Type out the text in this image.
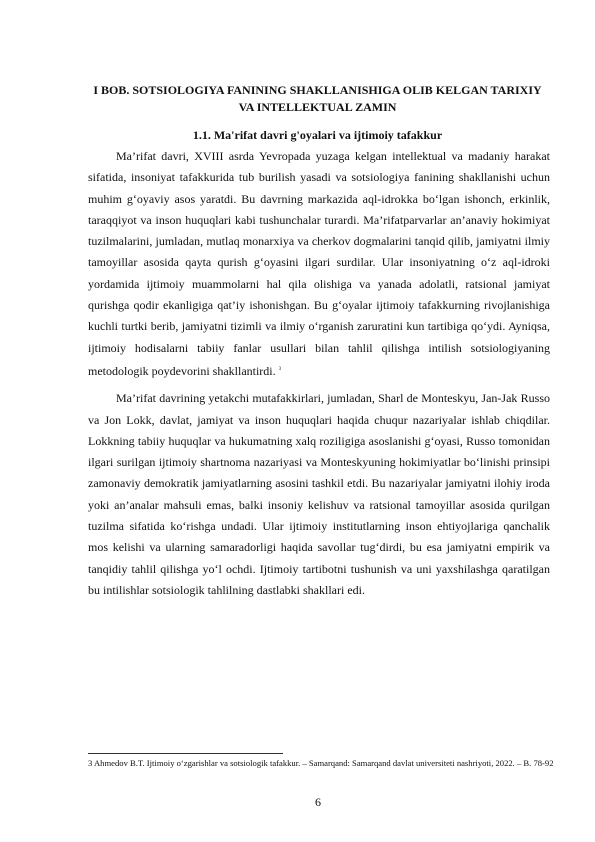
I BOB. SOTSIOLOGIYA FANINING SHAKLLANISHIGA OLIB KELGAN TARIXIY VA INTELLEKTUAL ZAMIN
1.1. Ma'rifat davri g'oyalari va ijtimoiy tafakkur

Ma’rifat davri, XVIII asrda Yevropada yuzaga kelgan intellektual va madaniy harakat sifatida, insoniyat tafakkurida tub burilish yasadi va sotsiologiya fanining shakllanishi uchun muhim g‘oyaviy asos yaratdi. Bu davrning markazida aql-idrokka bo‘lgan ishonch, erkinlik, taraqqiyot va inson huquqlari kabi tushunchalar turardi. Ma’rifatparvarlar an’anaviy hokimiyat tuzilmalarini, jumladan, mutlaq monarxiya va cherkov dogmalarini tanqid qilib, jamiyatni ilmiy tamoyillar asosida qayta qurish g‘oyasini ilgari surdilar. Ular insoniyatning o‘z aql-idroki yordamida ijtimoiy muammolarni hal qila olishiga va yanada adolatli, ratsional jamiyat qurishga qodir ekanligiga qat’iy ishonishgan. Bu g‘oyalar ijtimoiy tafakkurning rivojlanishiga kuchli turtki berib, jamiyatni tizimli va ilmiy o‘rganish zaruratini kun tartibiga qo‘ydi. Ayniqsa, ijtimoiy hodisalarni tabiiy fanlar usullari bilan tahlil qilishga intilish sotsiologiyaning metodologik poydevorini shakllantirdi. $^3$

Ma’rifat davrining yetakchi mutafakkirlari, jumladan, Sharl de Monteskyu, Jan-Jak Russo va Jon Lokk, davlat, jamiyat va inson huquqlari haqida chuqur nazariyalar ishlab chiqdilar. Lokkning tabiiy huquqlar va hukumatning xalq roziligiga asoslanishi g‘oyasi, Russo tomonidan ilgari surilgan ijtimoiy shartnoma nazariyasi va Monteskyuning hokimiyatlar bo‘linishi prinsipi zamonaviy demokratik jamiyatlarning asosini tashkil etdi. Bu nazariyalar jamiyatni ilohiy iroda yoki an’analar mahsuli emas, balki insoniy kelishuv va ratsional tamoyillar asosida qurilgan tuzilma sifatida ko‘rishga undadi. Ular ijtimoiy institutlarning inson ehtiyojlariga qanchalik mos kelishi va ularning samaradorligi haqida savollar tug‘dirdi, bu esa jamiyatni empirik va tanqidiy tahlil qilishga yo‘l ochdi. Ijtimoiy tartibotni tushunish va uni yaxshilashga qaratilgan bu intilishlar sotsiologik tahlilning dastlabki shakllari edi.

3 Ahmedov B.T. Ijtimoiy o‘zgarishlar va sotsiologik tafakkur. – Samarqand: Samarqand davlat universiteti nashriyoti, 2022. – B. 78-92
6
